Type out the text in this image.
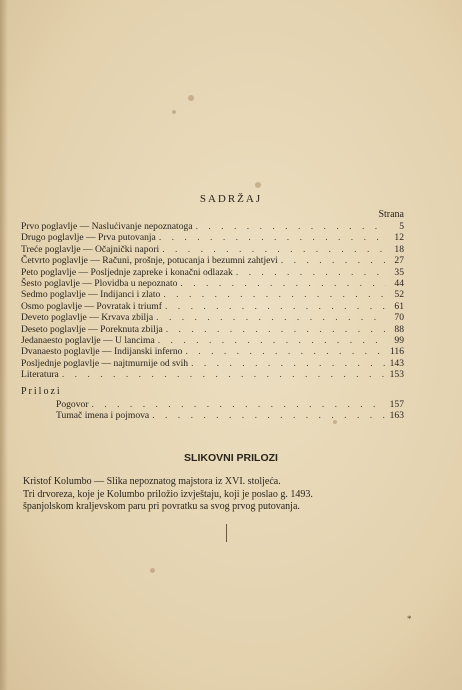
SADRŽAJ

Strana

Prvo poglavlje — Naslućivanje nepoznatoga . . .	5
Drugo poglavlje — Prva putovanja . . .	12
Treće poglavlje — Očajnički napori . . .	18
Četvrto poglavlje — Računi, prošnje, potucanja i bezumni zahtjevi . . .	27
Peto poglavlje — Posljednje zapreke i konačni odlazak . . .	35
Šesto poglavlje — Plovidba u nepoznato . . .	44
Sedmo poglavlje — Indijanci i zlato . . .	52
Osmo poglavlje — Povratak i triumf . . .	61
Deveto poglavlje — Krvava zbilja . . .	70
Deseto poglavlje — Poreknuta zbilja . . .	88
Jedanaesto poglavlje — U lancima . . .	99
Dvanaesto poglavlje — Indijanski inferno . . .	116
Posljednje poglavlje — najtmurnije od svih . . .	143
Literatura . . .	153

Prilozi

Pogovor . . .	157
Tumač imena i pojmova . . .	163

SLIKOVNI PRILOZI

Kristof Kolumbo — Slika nepoznatog majstora iz XVI. stoljeća.
Tri drvoreza, koje je Kolumbo priložio izvještaju, koji je poslao g. 1493.
španjolskom kraljevskom paru pri povratku sa svog prvog putovanja.

*
